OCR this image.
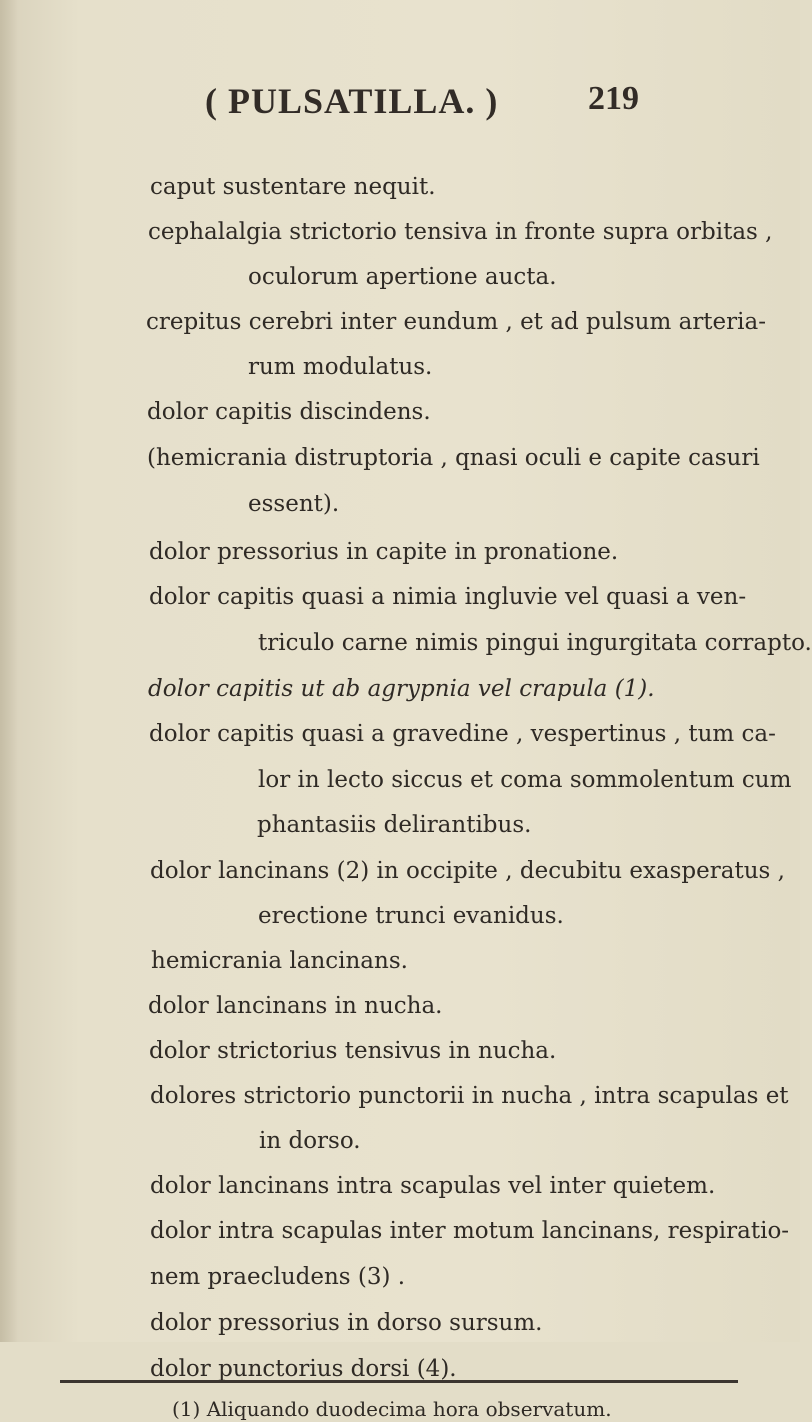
( PULSATILLA. )	219
caput sustentare nequit.
cephalalgia strictorio tensiva in fronte supra orbitas ,
oculorum apertione aucta.
crepitus cerebri inter eundum , et ad pulsum arteria-
rum modulatus.
dolor capitis discindens.
(hemicrania distruptoria , qnasi oculi e capite casuri
essent).
dolor pressorius in capite in pronatione.
dolor capitis quasi a nimia ingluvie vel quasi a ven-
triculo carne nimis pingui ingurgitata corrapto.
dolor capitis ut ab agrypnia vel crapula (1).
dolor capitis quasi a gravedine , vespertinus , tum ca-
lor in lecto siccus et coma sommolentum cum
phantasiis delirantibus.
dolor lancinans (2) in occipite , decubitu exasperatus ,
erectione trunci evanidus.
hemicrania lancinans.
dolor lancinans in nucha.
dolor strictorius tensivus in nucha.
dolores strictorio punctorii in nucha , intra scapulas et
in dorso.
dolor lancinans intra scapulas vel inter quietem.
dolor intra scapulas inter motum lancinans, respiratio-
nem praecludens (3) .
dolor pressorius in dorso sursum.
dolor punctorius dorsi (4).
(1) Aliquando duodecima hora observatum.
